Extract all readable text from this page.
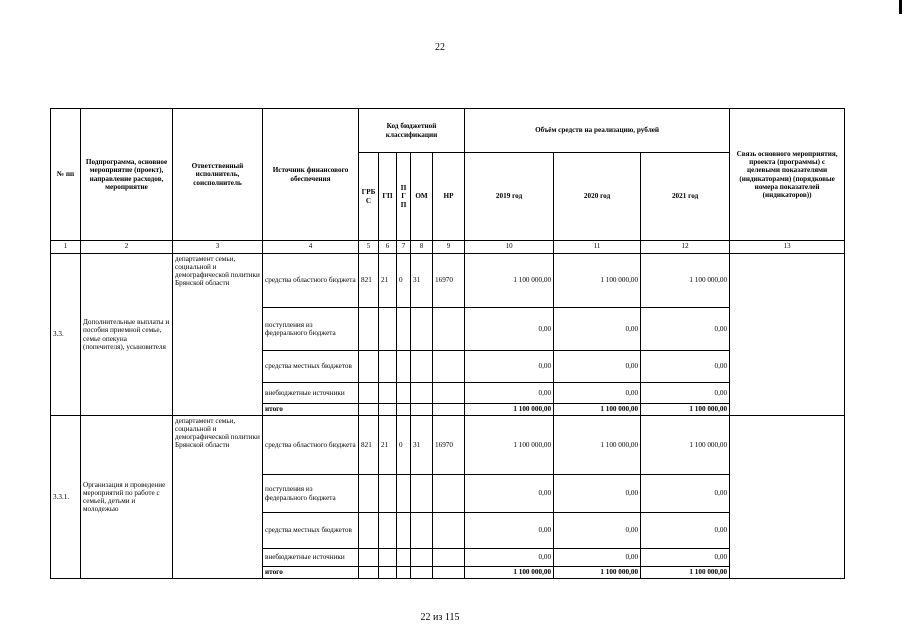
22
№ пп	Подпрограмма, основное мероприятие (проект), направление расходов, мероприятие	Ответственный исполнитель, соисполнитель	Источник финансового обеспечения	Код бюджетной классификации					Объём средств на реализацию, рублей			Связь основного мероприятия, проекта (программы) с целевыми показателями (индикаторами) (порядковые номера показателей (индикаторов))
				ГРБ С	ГП	ПГ П	ОМ	НР	2019 год	2020 год	2021 год	
1	2	3	4	5	6	7	8	9	10	11	12	13
3.3.	Дополнительные выплаты и пособия приемной семье, семье опекуна (попечителя), усыновителя	департамент семьи, социальной и демографической политики Брянской области	средства областного бюджета	821	21	0	31	16970	1 100 000,00	1 100 000,00	1 100 000,00	
			поступления из федерального бюджета						0,00	0,00	0,00	
			средства местных бюджетов						0,00	0,00	0,00	
			внебюджетные источники						0,00	0,00	0,00	
			итого						1 100 000,00	1 100 000,00	1 100 000,00	
3.3.1.	Организация и проведение мероприятий по работе с семьей, детьми и молодежью	департамент семьи, социальной и демографической политики Брянской области	средства областного бюджета	821	21	0	31	16970	1 100 000,00	1 100 000,00	1 100 000,00	
			поступления из федерального бюджета						0,00	0,00	0,00	
			средства местных бюджетов						0,00	0,00	0,00	
			внебюджетные источники						0,00	0,00	0,00	
			итого						1 100 000,00	1 100 000,00	1 100 000,00	
22 из 115
